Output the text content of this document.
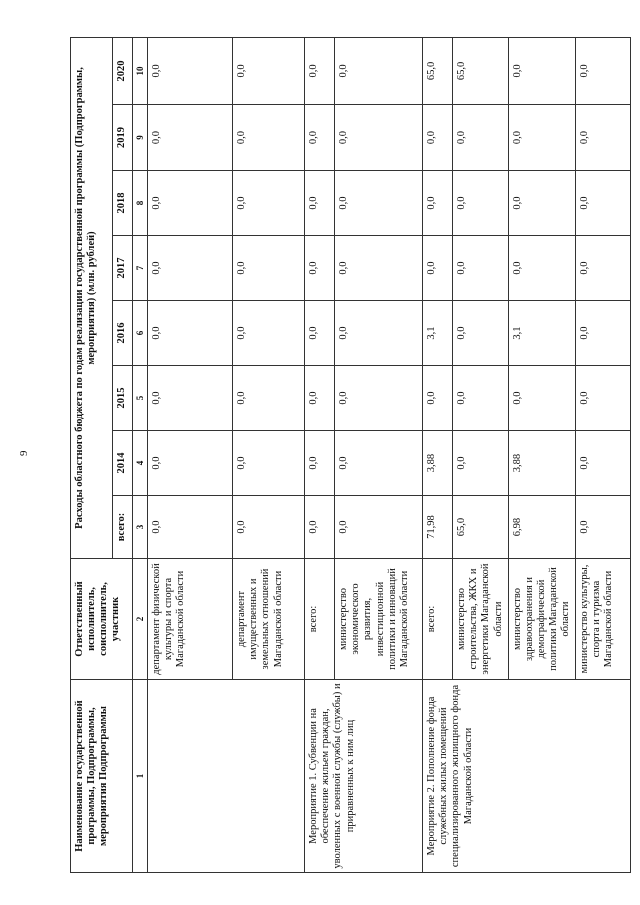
9
Наименование государственной программы, Подпрограммы, мероприятия Подпрограммы	Ответственный исполнитель, соисполнитель, участник	Расходы областного бюджета по годам реализации государственной программы (Подпрограммы, мероприятия) (млн. рублей)							
		всего:	2014	2015	2016	2017	2018	2019	2020
1	2	3	4	5	6	7	8	9	10
	департамент физической культуры и спорта Магаданской области	0,0	0,0	0,0	0,0	0,0	0,0	0,0	0,0
	департамент имущественных и земельных отношений Магаданской области	0,0	0,0	0,0	0,0	0,0	0,0	0,0	0,0
Мероприятие 1. Субвенции на обеспечение жильем граждан, уволенных с военной службы (службы) и приравненных к ним лиц	всего:	0,0	0,0	0,0	0,0	0,0	0,0	0,0	0,0
	министерство экономического развития, инвестиционной политики и инноваций Магаданской области	0,0	0,0	0,0	0,0	0,0	0,0	0,0	0,0
Мероприятие 2. Пополнение фонда служебных жилых помещений специализированного жилищного фонда Магаданской области	всего:	71,98	3,88	0,0	3,1	0,0	0,0	0,0	65,0
	министерство строительства, ЖКХ и энергетики Магаданской области	65,0	0,0	0,0	0,0	0,0	0,0	0,0	65,0
	министерство здравоохранения и демографической политики Магаданской области	6,98	3,88	0,0	3,1	0,0	0,0	0,0	0,0
	министерство культуры, спорта и туризма Магаданской области	0,0	0,0	0,0	0,0	0,0	0,0	0,0	0,0
